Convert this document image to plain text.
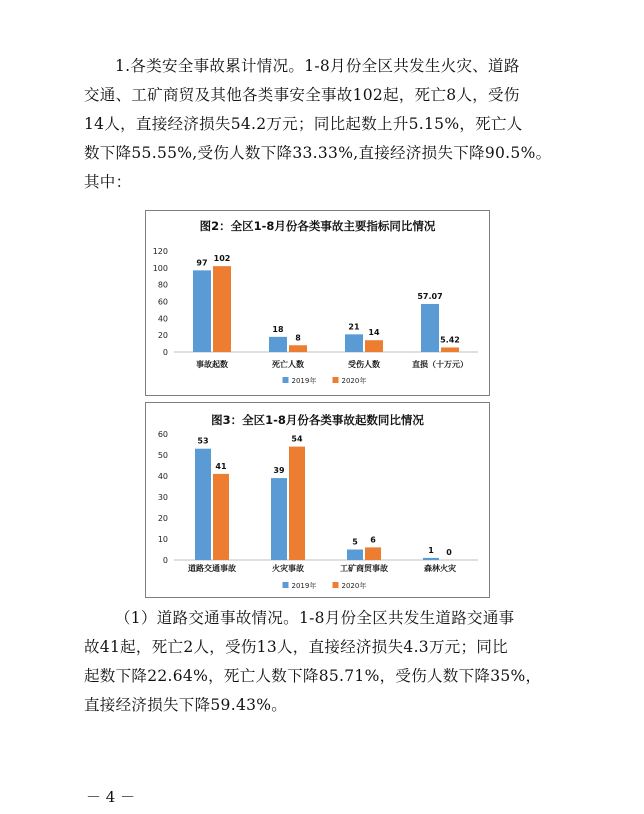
1.各类安全事故累计情况。1-8月份全区共发生火灾、道路
交通、工矿商贸及其他各类事安全事故102起，死亡8人，受伤
14人，直接经济损失54.2万元；同比起数上升5.15%，死亡人
数下降55.55%,受伤人数下降33.33%,直接经济损失下降90.5%。
其中：
图2：全区1-8月份各类事故主要指标同比情况
0
20
40
60
80
100
120
事故起数
97 102
死亡人数
18
8
受伤人数
21
14
直损（十万元）
57.07
5.42
2019年	2020年
图3：全区1-8月份各类事故起数同比情况
0
10
20
30
40
50
60
道路交通事故
53
41
火灾事故
39
54
工矿商贸事故
5 6
森林火灾
1 0
2019年	2020年
（1）道路交通事故情况。1-8月份全区共发生道路交通事
故41起，死亡2人，受伤13人，直接经济损失4.3万元；同比
起数下降22.64%，死亡人数下降85.71%，受伤人数下降35%，
直接经济损失下降59.43%。
－ 4 －
